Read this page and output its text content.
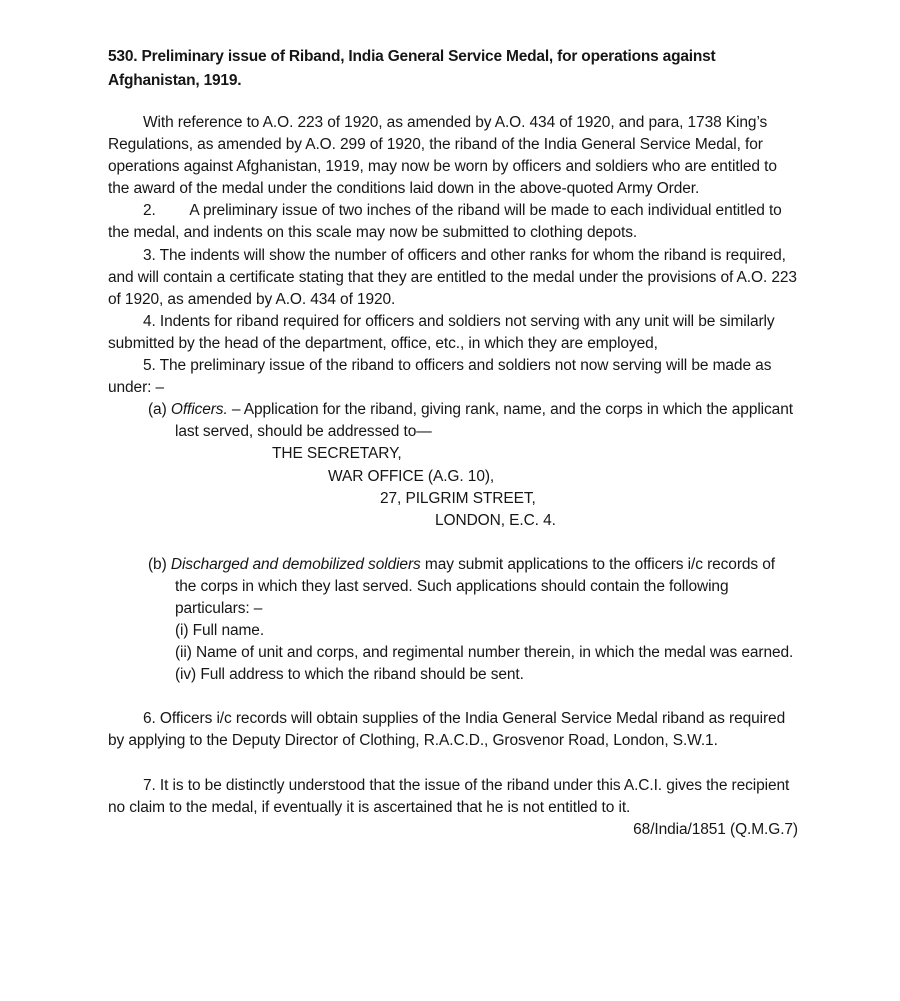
530. Preliminary issue of Riband, India General Service Medal, for operations against Afghanistan, 1919.

With reference to A.O. 223 of 1920, as amended by A.O. 434 of 1920, and para, 1738 King’s Regulations, as amended by A.O. 299 of 1920, the riband of the India General Service Medal, for operations against Afghanistan, 1919, may now be worn by officers and soldiers who are entitled to the award of the medal under the conditions laid down in the above-quoted Army Order.

2.        A preliminary issue of two inches of the riband will be made to each individual entitled to the medal, and indents on this scale may now be submitted to clothing depots.

3. The indents will show the number of officers and other ranks for whom the riband is required, and will contain a certificate stating that they are entitled to the medal under the provisions of A.O. 223 of 1920, as amended by A.O. 434 of 1920.

4. Indents for riband required for officers and soldiers not serving with any unit will be similarly submitted by the head of the department, office, etc., in which they are employed,

5. The preliminary issue of the riband to officers and soldiers not now serving will be made as under: –

(a) Officers. – Application for the riband, giving rank, name, and the corps in which the applicant last served, should be addressed to—
THE SECRETARY,
WAR OFFICE (A.G. 10),
27, PILGRIM STREET,
LONDON, E.C. 4.
(b) Discharged and demobilized soldiers may submit applications to the officers i/c records of the corps in which they last served. Such applications should contain the following particulars: –
(i) Full name.
(ii) Name of unit and corps, and regimental number therein, in which the medal was earned.
(iv) Full address to which the riband should be sent.

6. Officers i/c records will obtain supplies of the India General Service Medal riband as required by applying to the Deputy Director of Clothing, R.A.C.D., Grosvenor Road, London, S.W.1.

7. It is to be distinctly understood that the issue of the riband under this A.C.I. gives the recipient no claim to the medal, if eventually it is ascertained that he is not entitled to it.

68/India/1851 (Q.M.G.7)
